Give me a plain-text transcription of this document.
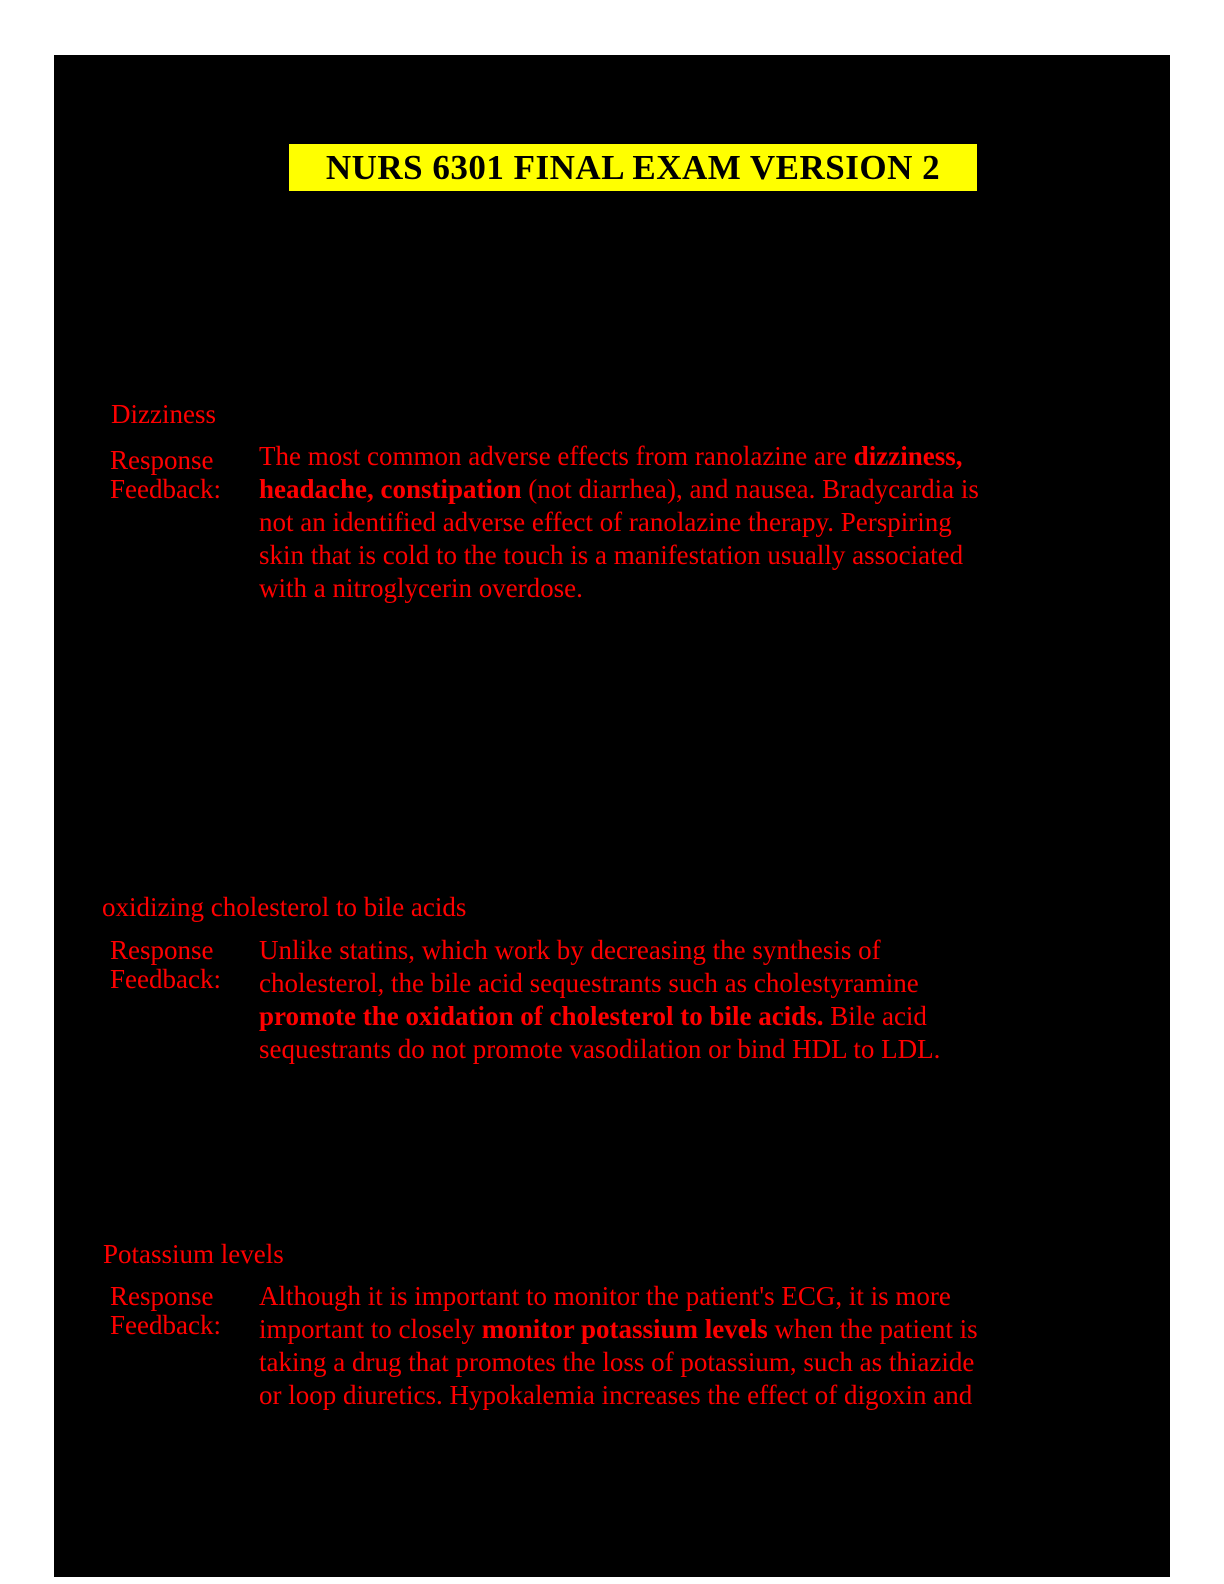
NURS 6301 FINAL EXAM VERSION 2
Dizziness
Response
Feedback:
The most common adverse effects from ranolazine are dizziness,
headache, constipation (not diarrhea), and nausea. Bradycardia is
not an identified adverse effect of ranolazine therapy. Perspiring
skin that is cold to the touch is a manifestation usually associated
with a nitroglycerin overdose.
oxidizing cholesterol to bile acids
Response
Feedback:
Unlike statins, which work by decreasing the synthesis of
cholesterol, the bile acid sequestrants such as cholestyramine
promote the oxidation of cholesterol to bile acids. Bile acid
sequestrants do not promote vasodilation or bind HDL to LDL.
Potassium levels
Response
Feedback:
Although it is important to monitor the patient's ECG, it is more
important to closely monitor potassium levels when the patient is
taking a drug that promotes the loss of potassium, such as thiazide
or loop diuretics. Hypokalemia increases the effect of digoxin and
